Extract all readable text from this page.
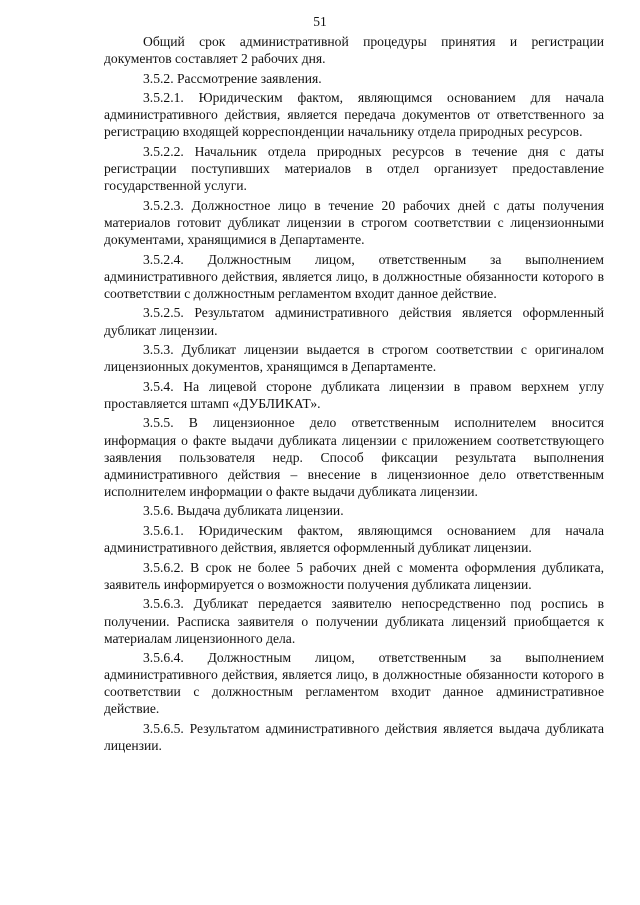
51

Общий срок административной процедуры принятия и регистрации документов составляет 2 рабочих дня.

3.5.2. Рассмотрение заявления.

3.5.2.1. Юридическим фактом, являющимся основанием для начала административного действия, является передача документов от ответственного за регистрацию входящей корреспонденции начальнику отдела природных ресурсов.

3.5.2.2. Начальник отдела природных ресурсов в течение дня с даты регистрации поступивших материалов в отдел организует предоставление государственной услуги.

3.5.2.3. Должностное лицо в течение 20 рабочих дней с даты получения материалов готовит дубликат лицензии в строгом соответствии с лицензионными документами, хранящимися в Департаменте.

3.5.2.4. Должностным лицом, ответственным за выполнением административного действия, является лицо, в должностные обязанности которого в соответствии с должностным регламентом входит данное действие.

3.5.2.5. Результатом административного действия является оформленный дубликат лицензии.

3.5.3. Дубликат лицензии выдается в строгом соответствии с оригиналом лицензионных документов, хранящимся в Департаменте.

3.5.4. На лицевой стороне дубликата лицензии в правом верхнем углу проставляется штамп «ДУБЛИКАТ».

3.5.5. В лицензионное дело ответственным исполнителем вносится информация о факте выдачи дубликата лицензии с приложением соответствующего заявления пользователя недр. Способ фиксации результата выполнения административного действия – внесение в лицензионное дело ответственным исполнителем информации о факте выдачи дубликата лицензии.

3.5.6. Выдача дубликата лицензии.

3.5.6.1. Юридическим фактом, являющимся основанием для начала административного действия, является оформленный дубликат лицензии.

3.5.6.2. В срок не более 5 рабочих дней с момента оформления дубликата, заявитель информируется о возможности получения дубликата лицензии.

3.5.6.3. Дубликат передается заявителю непосредственно под роспись в получении. Расписка заявителя о получении дубликата лицензий приобщается к материалам лицензионного дела.

3.5.6.4. Должностным лицом, ответственным за выполнением административного действия, является лицо, в должностные обязанности которого в соответствии с должностным регламентом входит данное административное действие.

3.5.6.5. Результатом административного действия является выдача дубликата лицензии.
